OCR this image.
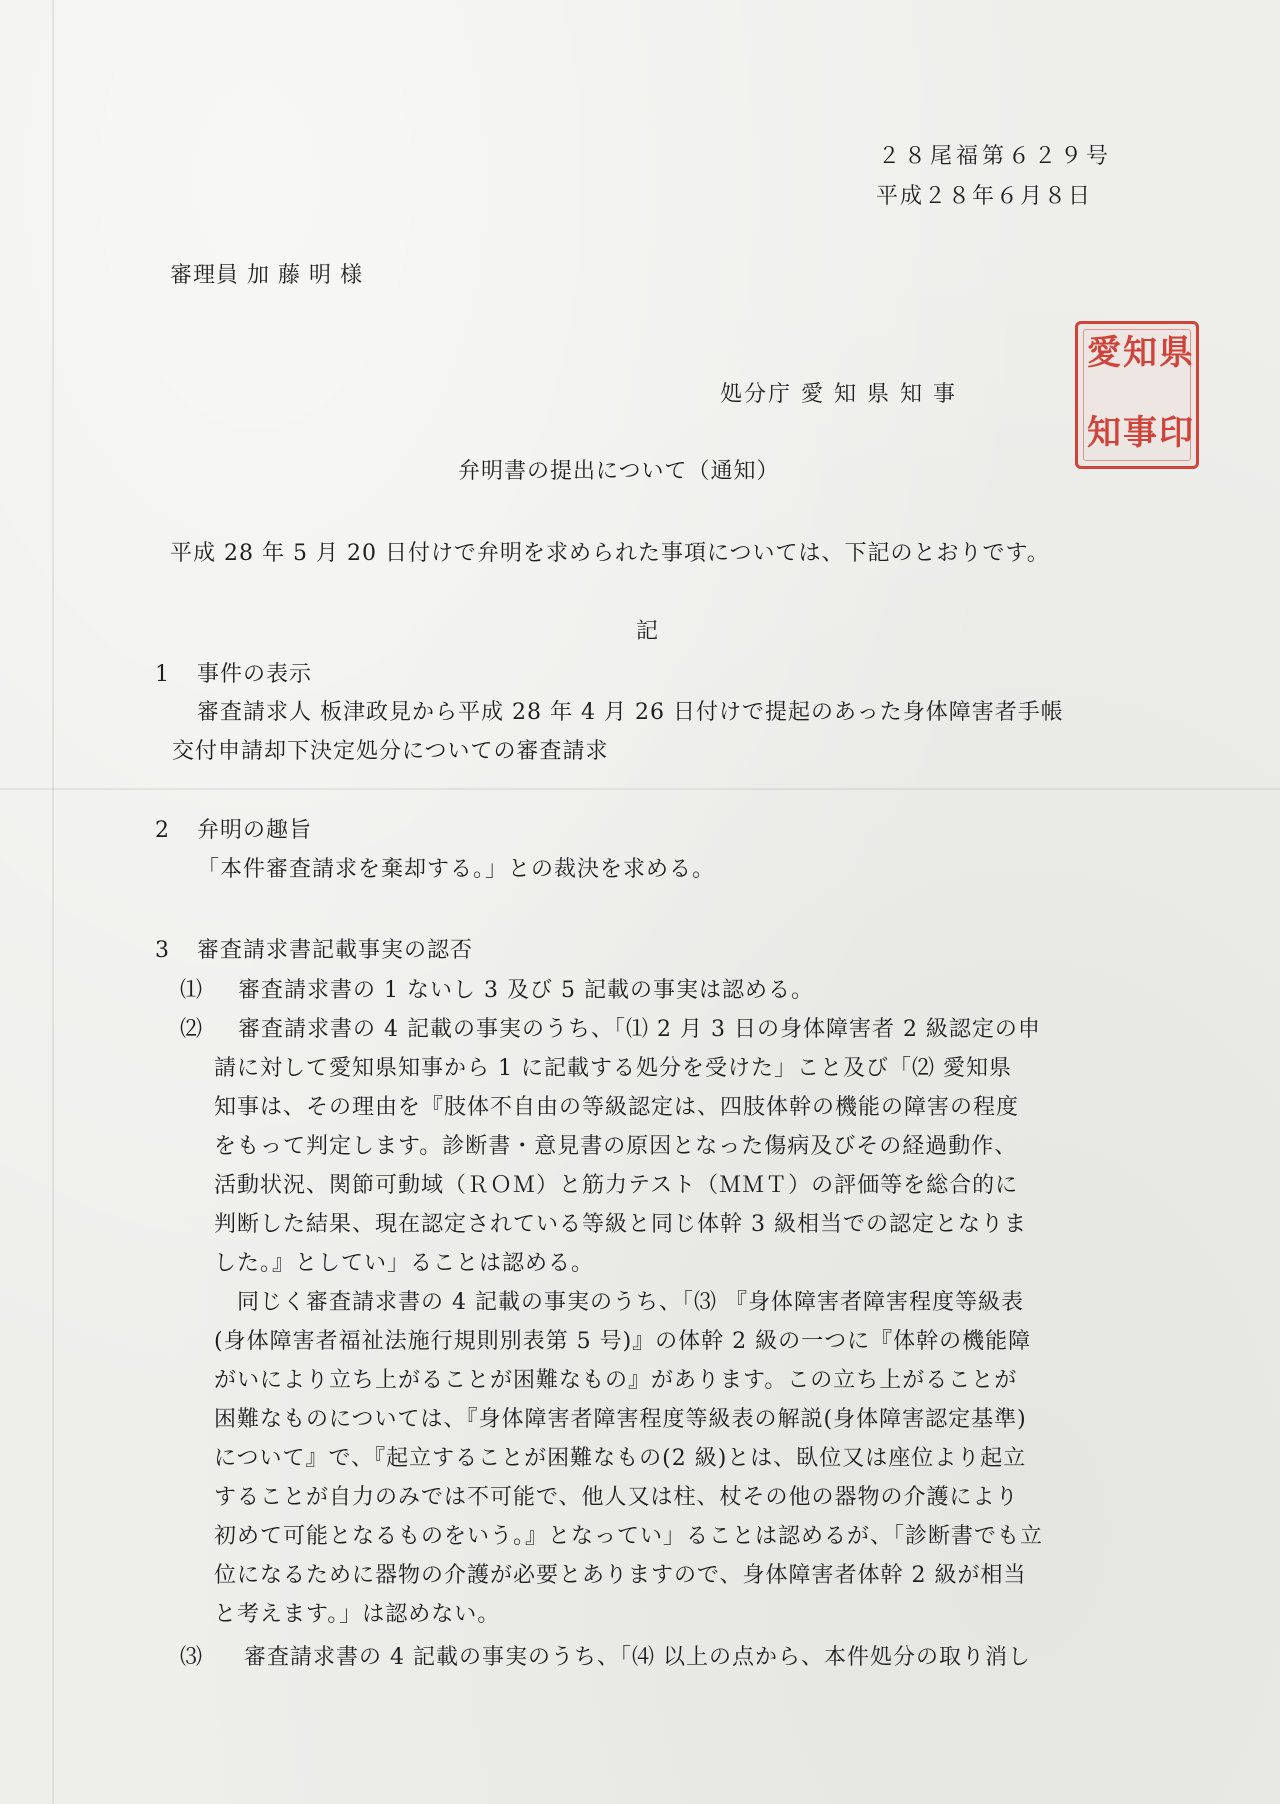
２８尾福第６２９号
平成２８年６月８日
審理員 加 藤 明 様
処分庁 愛 知 県 知 事
県
知
愛
印
事
知
弁明書の提出について（通知）
平成 28 年 5 月 20 日付けで弁明を求められた事項については、下記のとおりです。
記
1 事件の表示
審査請求人 板津政見から平成 28 年 4 月 26 日付けで提起のあった身体障害者手帳
交付申請却下決定処分についての審査請求
2 弁明の趣旨
「本件審査請求を棄却する。」との裁決を求める。
3 審査請求書記載事実の認否
⑴ 審査請求書の 1 ないし 3 及び 5 記載の事実は認める。
⑵ 審査請求書の 4 記載の事実のうち、「⑴ 2 月 3 日の身体障害者 2 級認定の申
請に対して愛知県知事から 1 に記載する処分を受けた」こと及び「⑵ 愛知県
知事は、その理由を『肢体不自由の等級認定は、四肢体幹の機能の障害の程度
をもって判定します。診断書・意見書の原因となった傷病及びその経過動作、
活動状況、関節可動域（ＲＯＭ）と筋力テスト（ＭＭＴ）の評価等を総合的に
判断した結果、現在認定されている等級と同じ体幹 3 級相当での認定となりま
した。』としてい」ることは認める。
　同じく審査請求書の 4 記載の事実のうち、「⑶ 『身体障害者障害程度等級表
(身体障害者福祉法施行規則別表第 5 号)』の体幹 2 級の一つに『体幹の機能障
がいにより立ち上がることが困難なもの』があります。この立ち上がることが
困難なものについては、『身体障害者障害程度等級表の解説(身体障害認定基準)
について』で、『起立することが困難なもの(2 級)とは、臥位又は座位より起立
することが自力のみでは不可能で、他人又は柱、杖その他の器物の介護により
初めて可能となるものをいう。』となってい」ることは認めるが、「診断書でも立
位になるために器物の介護が必要とありますので、身体障害者体幹 2 級が相当
と考えます。」は認めない。
⑶ 審査請求書の 4 記載の事実のうち、「⑷ 以上の点から、本件処分の取り消し
